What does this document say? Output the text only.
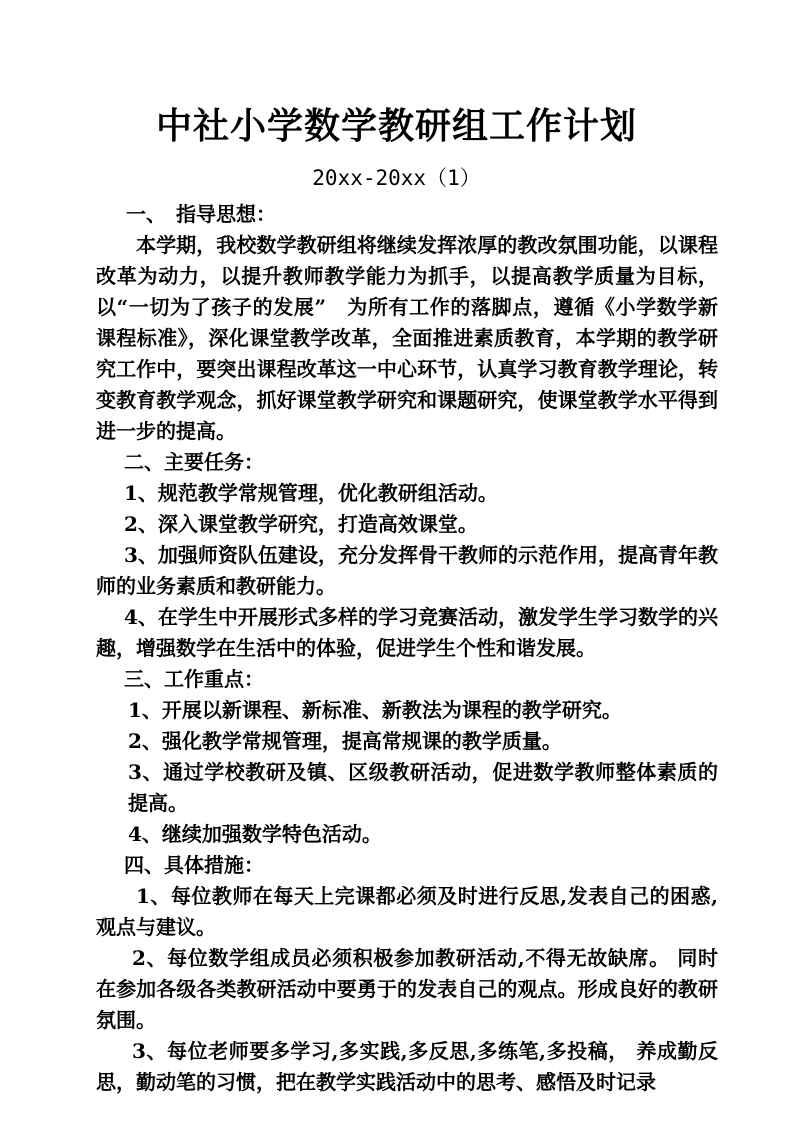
中社小学数学教研组工作计划
20xx-20xx（1）

一、　指导思想：

本学期，我校数学教研组将继续发挥浓厚的教改氛围功能，以课程改革为动力，以提升教师教学能力为抓手，以提高教学质量为目标，以“一切为了孩子的发展”　为所有工作的落脚点，遵循《小学数学新课程标准》，深化课堂教学改革，全面推进素质教育，本学期的教学研究工作中，要突出课程改革这一中心环节，认真学习教育教学理论，转变教育教学观念，抓好课堂教学研究和课题研究，使课堂教学水平得到进一步的提高。

二、主要任务：

1、规范教学常规管理，优化教研组活动。

2、深入课堂教学研究，打造高效课堂。

3、加强师资队伍建设，充分发挥骨干教师的示范作用，提高青年教师的业务素质和教研能力。

4、在学生中开展形式多样的学习竞赛活动，激发学生学习数学的兴趣，增强数学在生活中的体验，促进学生个性和谐发展。

三、工作重点：

1、开展以新课程、新标准、新教法为课程的教学研究。

2、强化教学常规管理，提高常规课的教学质量。

3、通过学校教研及镇、区级教研活动，促进数学教师整体素质的提高。

4、继续加强数学特色活动。

四、具体措施：

1、每位教师在每天上完课都必须及时进行反思,发表自己的困惑,观点与建议。

2、每位数学组成员必须积极参加教研活动,不得无故缺席。 同时在参加各级各类教研活动中要勇于的发表自己的观点。形成良好的教研氛围。

3、每位老师要多学习,多实践,多反思,多练笔,多投稿， 养成勤反思，勤动笔的习惯，把在教学实践活动中的思考、感悟及时记录
